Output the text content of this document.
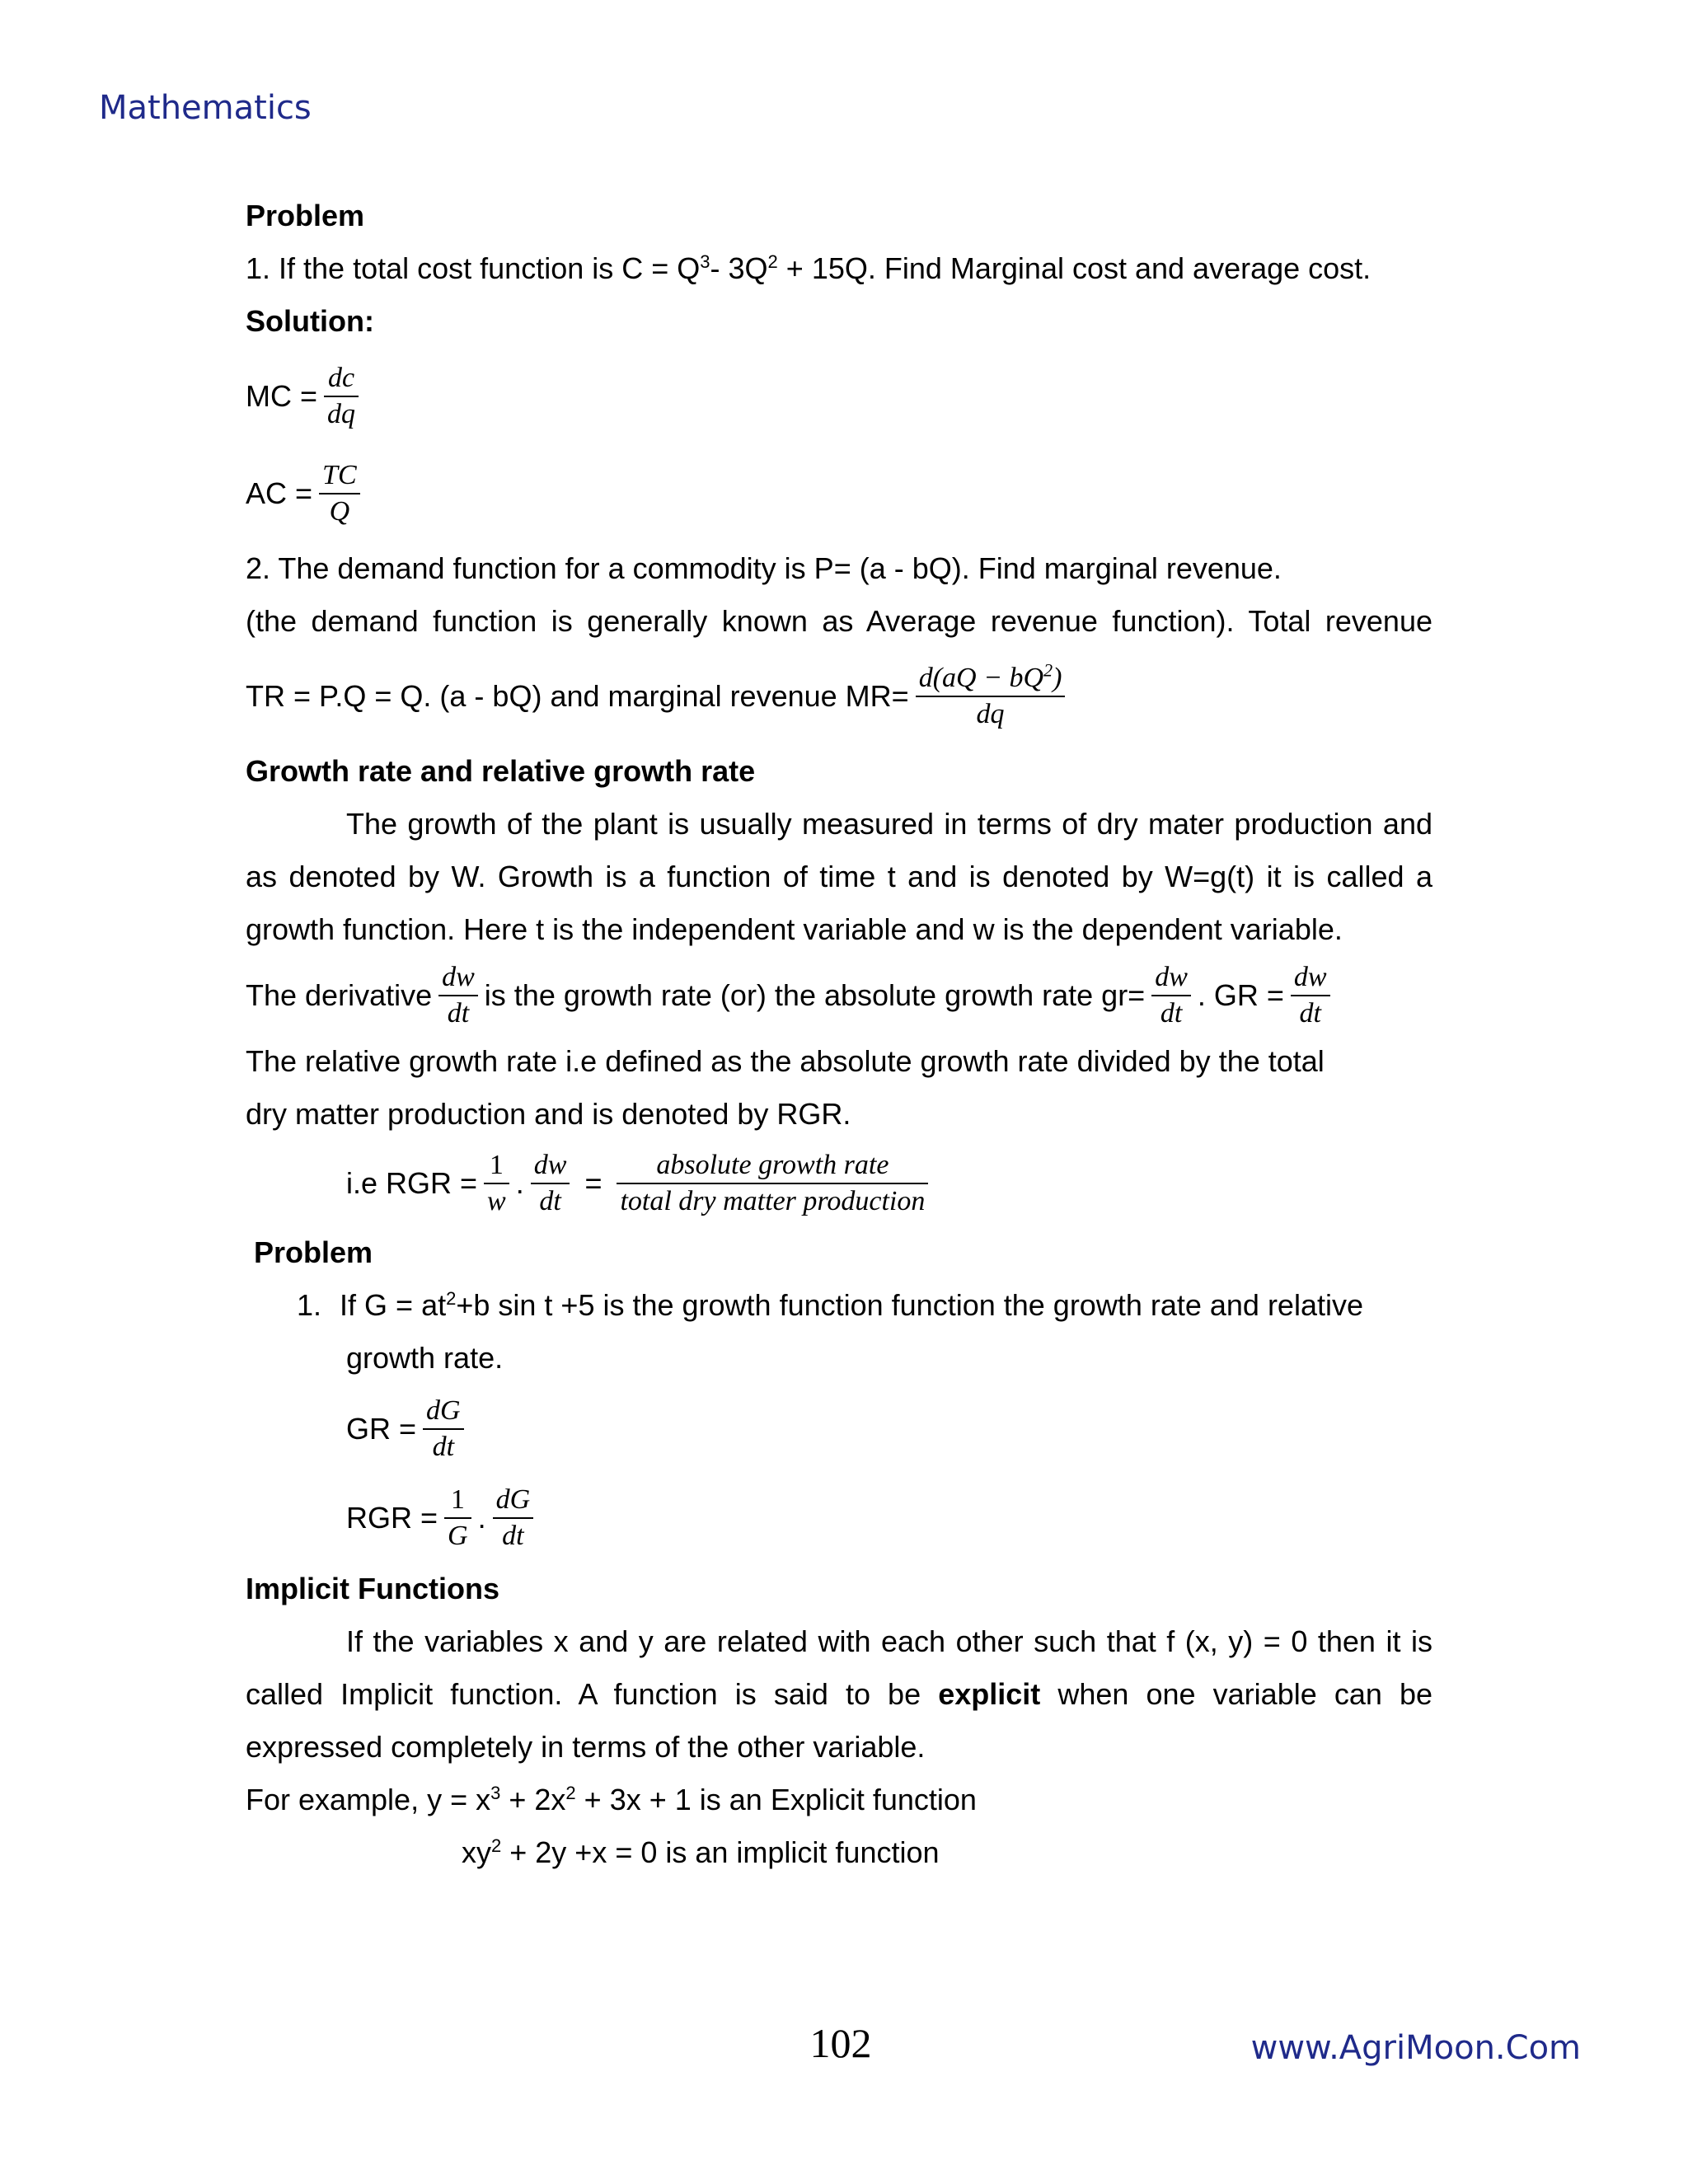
Mathematics
Problem
1. If the total cost function is $C = Q^3-$ $3Q^2 + 15Q$. Find Marginal cost and average cost.
Solution:
MC = $\frac{dc}{dq}$
AC = $\frac{TC}{Q}$
2. The demand function for a commodity is P= (a - bQ). Find marginal revenue.
(the demand function is generally known as Average revenue function). Total revenue
TR = P.Q = Q. (a - bQ) and marginal revenue $MR= \frac{d(aQ - bQ^2)}{dq}$
Growth rate and relative growth rate
The growth of the plant is usually measured in terms of dry mater production and
as denoted by W. Growth is a function of time t and is denoted by W=g(t) it is called a
growth function. Here t is the independent variable and w is the dependent variable.
The derivative $\frac{dw}{dt}$ is the growth rate (or) the absolute growth rate $gr= \frac{dw}{dt}$ . GR = $\frac{dw}{dt}$
The relative growth rate i.e defined as the absolute growth rate divided by the total
dry matter production and is denoted by RGR.
i.e RGR = $\frac{1}{w}$ . $\frac{dw}{dt} = \frac{\text{absolute growth rate}}{\text{total dry matter production}}$
Problem
1. If $G = at^2+b$ sin t +5 is the growth function function the growth rate and relative
growth rate.
GR = $\frac{dG}{dt}$
RGR = $\frac{1}{G}$ . $\frac{dG}{dt}$
Implicit Functions
If the variables x and y are related with each other such that f (x, y) = 0 then it is
called Implicit function. A function is said to be explicit when one variable can be
expressed completely in terms of the other variable.
For example, $y = x^3 + 2x^2 + 3x + 1$ is an Explicit function
$xy^2 + 2y +x = 0$ is an implicit function
102	www.AgriMoon.Com
